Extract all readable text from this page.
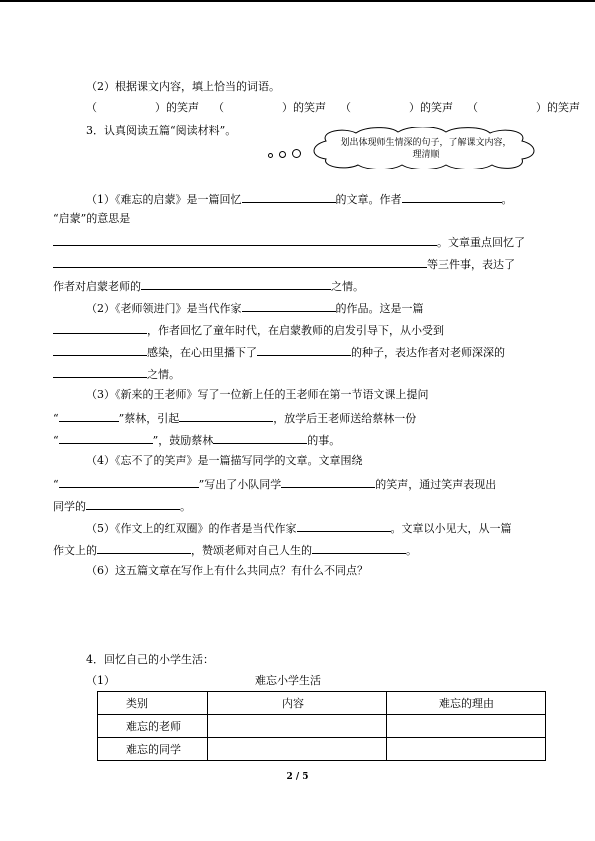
（2）根据课文内容，填上恰当的词语。
（	）的笑声 （	）的笑声 （	）的笑声 （	）的笑声
3．认真阅读五篇“阅读材料”。
划出体现师生情深的句子，了解课文内容，理清顺
（1）《难忘的启蒙》是一篇回忆	的文章。作者	。
“启蒙”的意思是
。文章重点回忆了
等三件事，表达了
作者对启蒙老师的	之情。
（2）《老师领进门》是当代作家	的作品。这是一篇
，作者回忆了童年时代，在启蒙教师的启发引导下，从小受到
感染，在心田里播下了	的种子，表达作者对老师深深的
之情。
（3）《新来的王老师》写了一位新上任的王老师在第一节语文课上提问
“	”蔡林，引起	，放学后王老师送给蔡林一份
“	”，鼓励蔡林	的事。
（4）《忘不了的笑声》是一篇描写同学的文章。文章围绕
“	”写出了小队同学	的笑声，通过笑声表现出
同学的	。
（5）《作文上的红双圈》的作者是当代作家	。文章以小见大，从一篇
作文上的	，赞颂老师对自己人生的	。
（6）这五篇文章在写作上有什么共同点？有什么不同点？
4．回忆自己的小学生活：
（1）	难忘小学生活
类别	内容	难忘的理由
难忘的老师		
难忘的同学		
2 / 5
